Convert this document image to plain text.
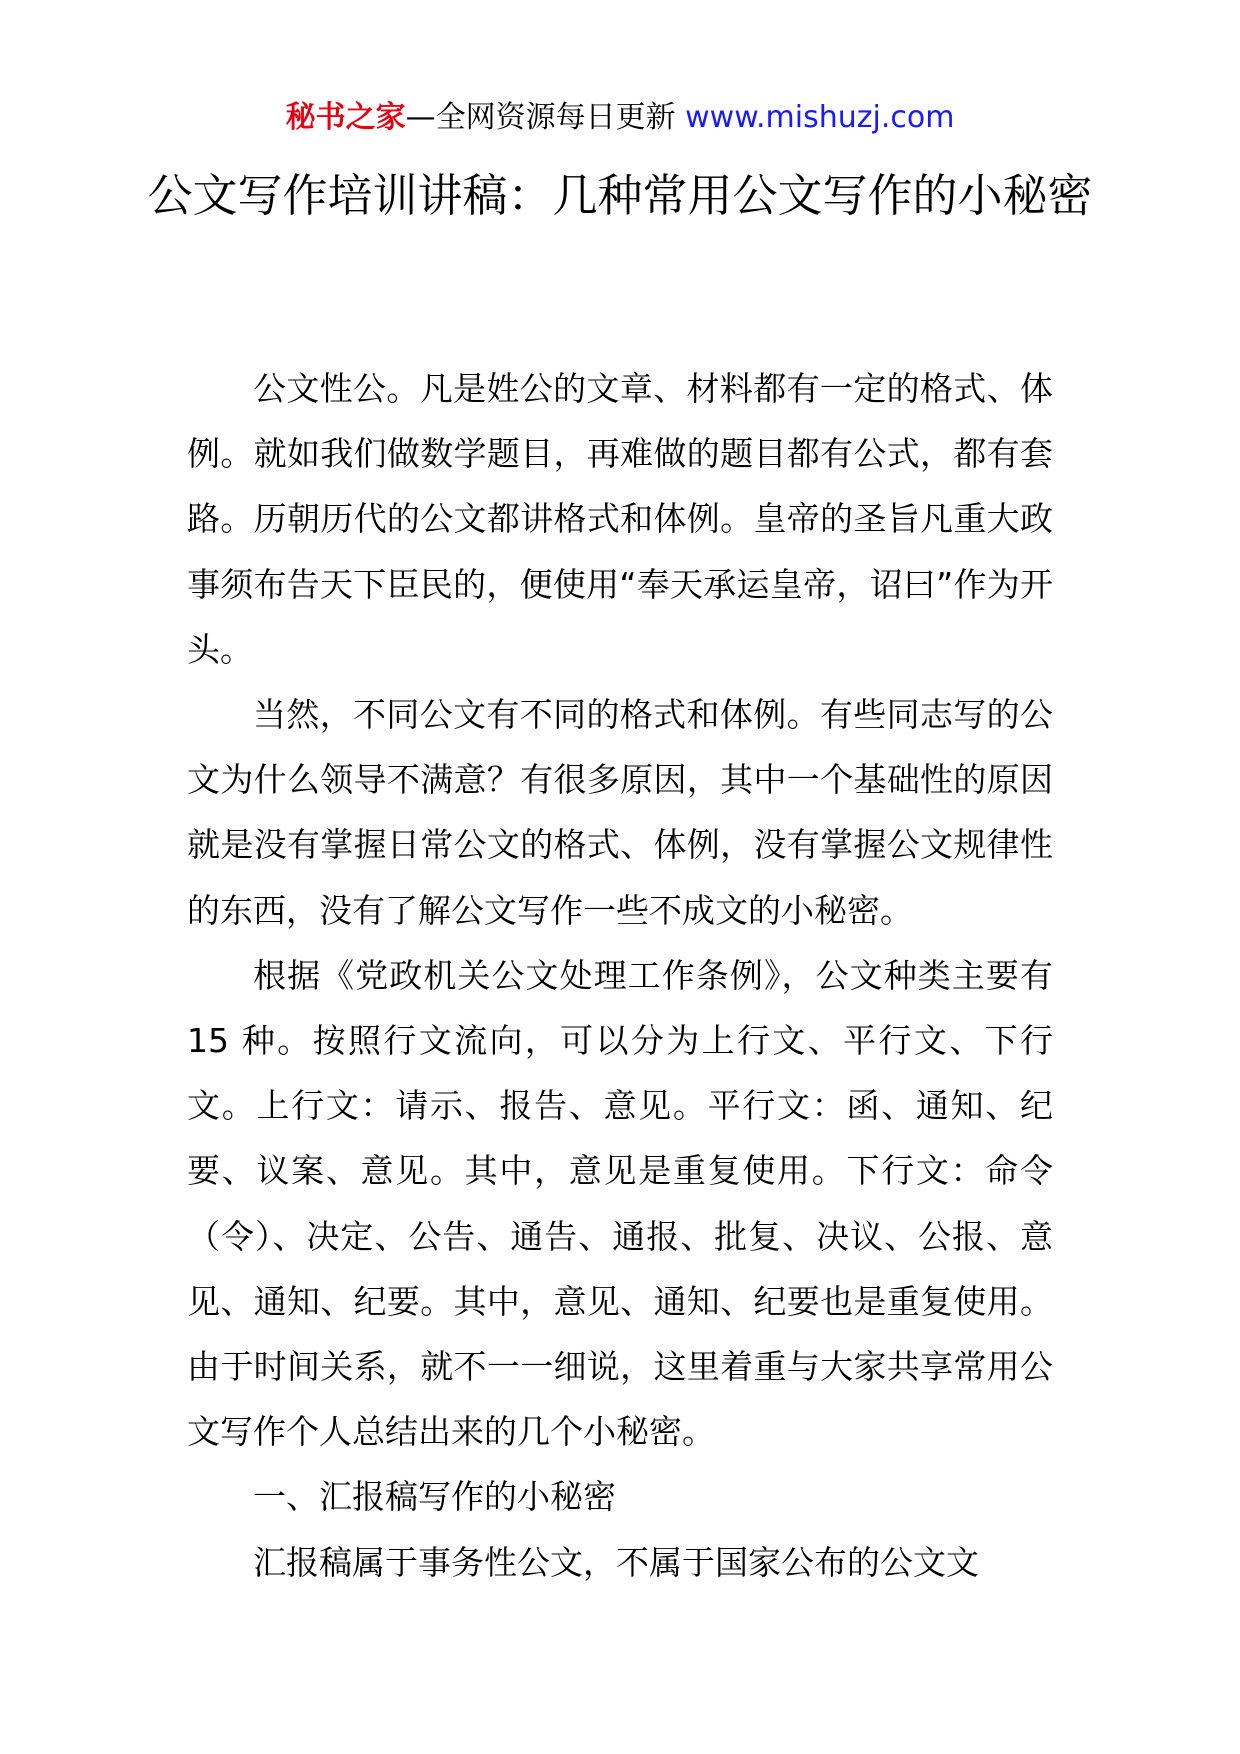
秘书之家—全网资源每日更新 www.mishuzj.com
公文写作培训讲稿：几种常用公文写作的小秘密

公文性公。凡是姓公的文章、材料都有一定的格式、体例。就如我们做数学题目，再难做的题目都有公式，都有套路。历朝历代的公文都讲格式和体例。皇帝的圣旨凡重大政事须布告天下臣民的，便使用“奉天承运皇帝，诏曰”作为开头。

当然，不同公文有不同的格式和体例。有些同志写的公文为什么领导不满意？有很多原因，其中一个基础性的原因就是没有掌握日常公文的格式、体例，没有掌握公文规律性的东西，没有了解公文写作一些不成文的小秘密。

根据《党政机关公文处理工作条例》，公文种类主要有 15 种。按照行文流向，可以分为上行文、平行文、下行文。上行文：请示、报告、意见。平行文：函、通知、纪要、议案、意见。其中，意见是重复使用。下行文：命令（令）、决定、公告、通告、通报、批复、决议、公报、意见、通知、纪要。其中，意见、通知、纪要也是重复使用。由于时间关系，就不一一细说，这里着重与大家共享常用公文写作个人总结出来的几个小秘密。

一、汇报稿写作的小秘密

汇报稿属于事务性公文，不属于国家公布的公文文
